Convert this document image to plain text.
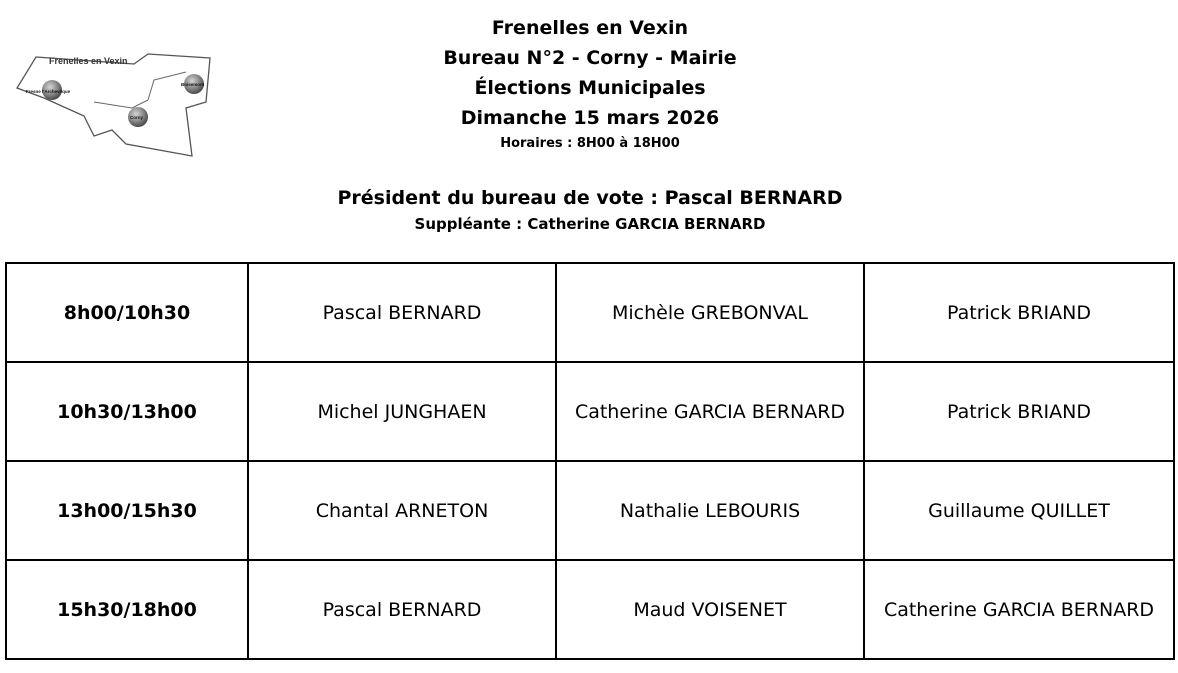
Frenelles en Vexin
Fresne l'Archevêque
Corny
Boisemont
Frenelles en Vexin
Bureau N°2 - Corny - Mairie
Élections Municipales
Dimanche 15 mars 2026
Horaires : 8H00 à 18H00
Président du bureau de vote : Pascal BERNARD
Suppléante : Catherine GARCIA BERNARD
8h00/10h30	Pascal BERNARD	Michèle GREBONVAL	Patrick BRIAND
10h30/13h00	Michel JUNGHAEN	Catherine GARCIA BERNARD	Patrick BRIAND
13h00/15h30	Chantal ARNETON	Nathalie LEBOURIS	Guillaume QUILLET
15h30/18h00	Pascal BERNARD	Maud VOISENET	Catherine GARCIA BERNARD
